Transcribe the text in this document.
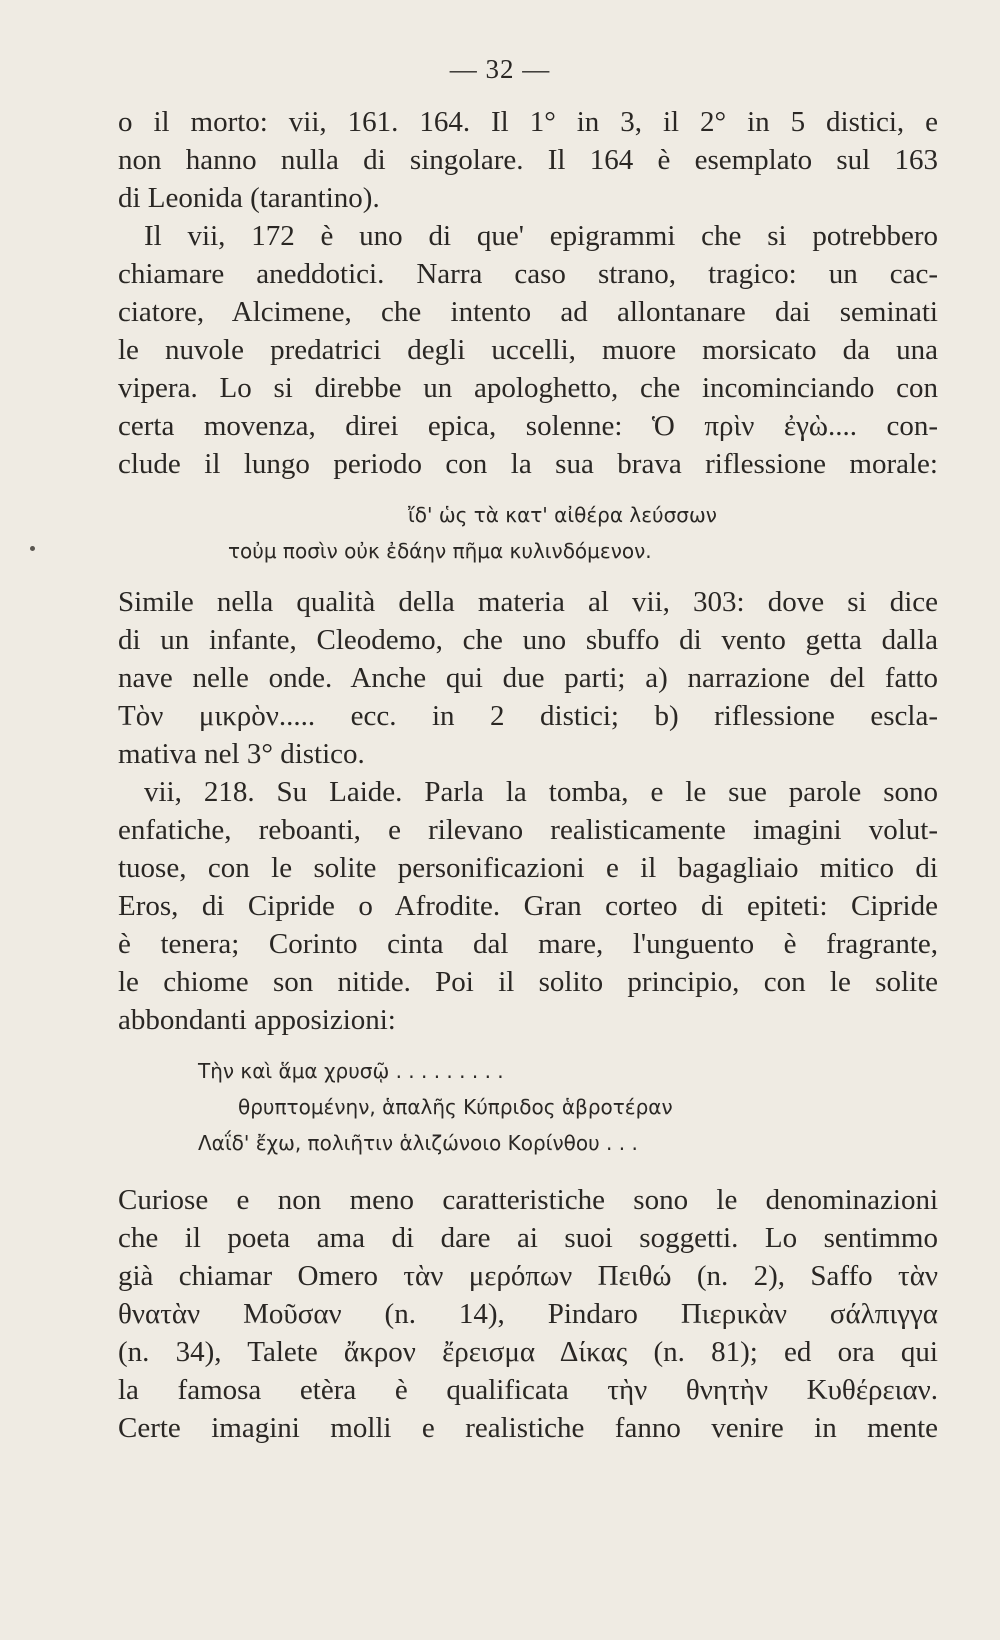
— 32 —
o il morto: vii, 161. 164. Il 1° in 3, il 2° in 5 distici, e
non hanno nulla di singolare. Il 164 è esemplato sul 163
di Leonida (tarantino).
Il vii, 172 è uno di que' epigrammi che si potrebbero
chiamare aneddotici. Narra caso strano, tragico: un cac-
ciatore, Alcimene, che intento ad allontanare dai seminati
le nuvole predatrici degli uccelli, muore morsicato da una
vipera. Lo si direbbe un apologhetto, che incominciando con
certa movenza, direi epica, solenne: Ὁ πρὶν ἐγὼ.... con-
clude il lungo periodo con la sua brava riflessione morale:
ἴδ' ὡς τὰ κατ' αἰθέρα λεύσσων
τοὐμ ποσὶν οὐκ ἐδάην πῆμα κυλινδόμενον.
Simile nella qualità della materia al vii, 303: dove si dice
di un infante, Cleodemo, che uno sbuffo di vento getta dalla
nave nelle onde. Anche qui due parti; a) narrazione del fatto
Τὸν μικρὸν..... ecc. in 2 distici; b) riflessione escla-
mativa nel 3° distico.
vii, 218. Su Laide. Parla la tomba, e le sue parole sono
enfatiche, reboanti, e rilevano realisticamente imagini volut-
tuose, con le solite personificazioni e il bagagliaio mitico di
Eros, di Cipride o Afrodite. Gran corteo di epiteti: Cipride
è tenera; Corinto cinta dal mare, l'unguento è fragrante,
le chiome son nitide. Poi il solito principio, con le solite
abbondanti apposizioni:
Τὴν καὶ ἅμα χρυσῷ . . . . . . . . .
θρυπτομένην, ἁπαλῆς Κύπριδος ἁβροτέραν
Λαΐδ' ἔχω, πολιῆτιν ἁλιζώνοιο Κορίνθου . . .
Curiose e non meno caratteristiche sono le denominazioni
che il poeta ama di dare ai suoi soggetti. Lo sentimmo
già chiamar Omero τὰν μερόπων Πειθώ (n. 2), Saffo τὰν
θνατὰν Μοῦσαν (n. 14), Pindaro Πιερικὰν σάλπιγγα
(n. 34), Talete ἄκρον ἔρεισμα Δίκας (n. 81); ed ora qui
la famosa etèra è qualificata τὴν θνητὴν Κυθέρειαν.
Certe imagini molli e realistiche fanno venire in mente
